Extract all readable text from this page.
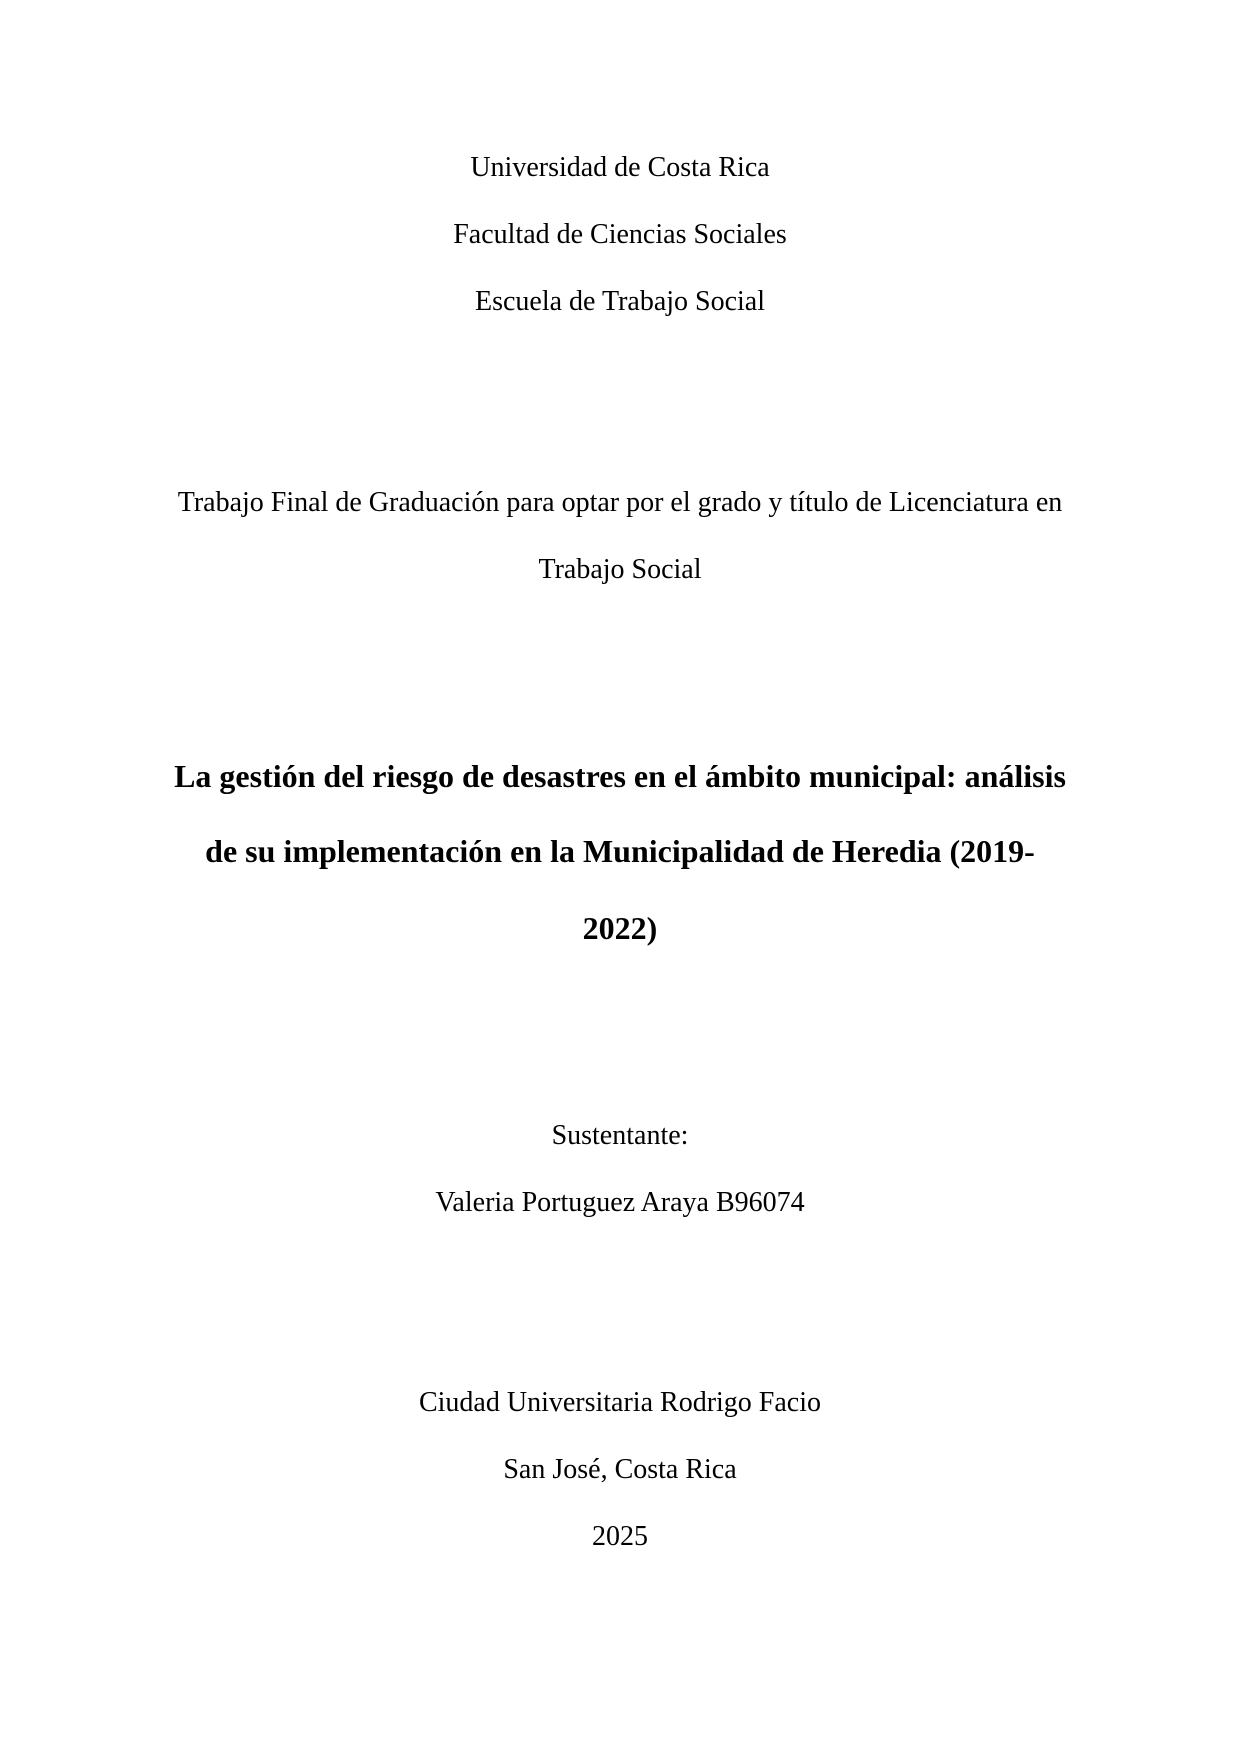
Universidad de Costa Rica
Facultad de Ciencias Sociales
Escuela de Trabajo Social
Trabajo Final de Graduación para optar por el grado y título de Licenciatura en
Trabajo Social
La gestión del riesgo de desastres en el ámbito municipal: análisis
de su implementación en la Municipalidad de Heredia (2019-
2022)
Sustentante:
Valeria Portuguez Araya B96074
Ciudad Universitaria Rodrigo Facio
San José, Costa Rica
2025
